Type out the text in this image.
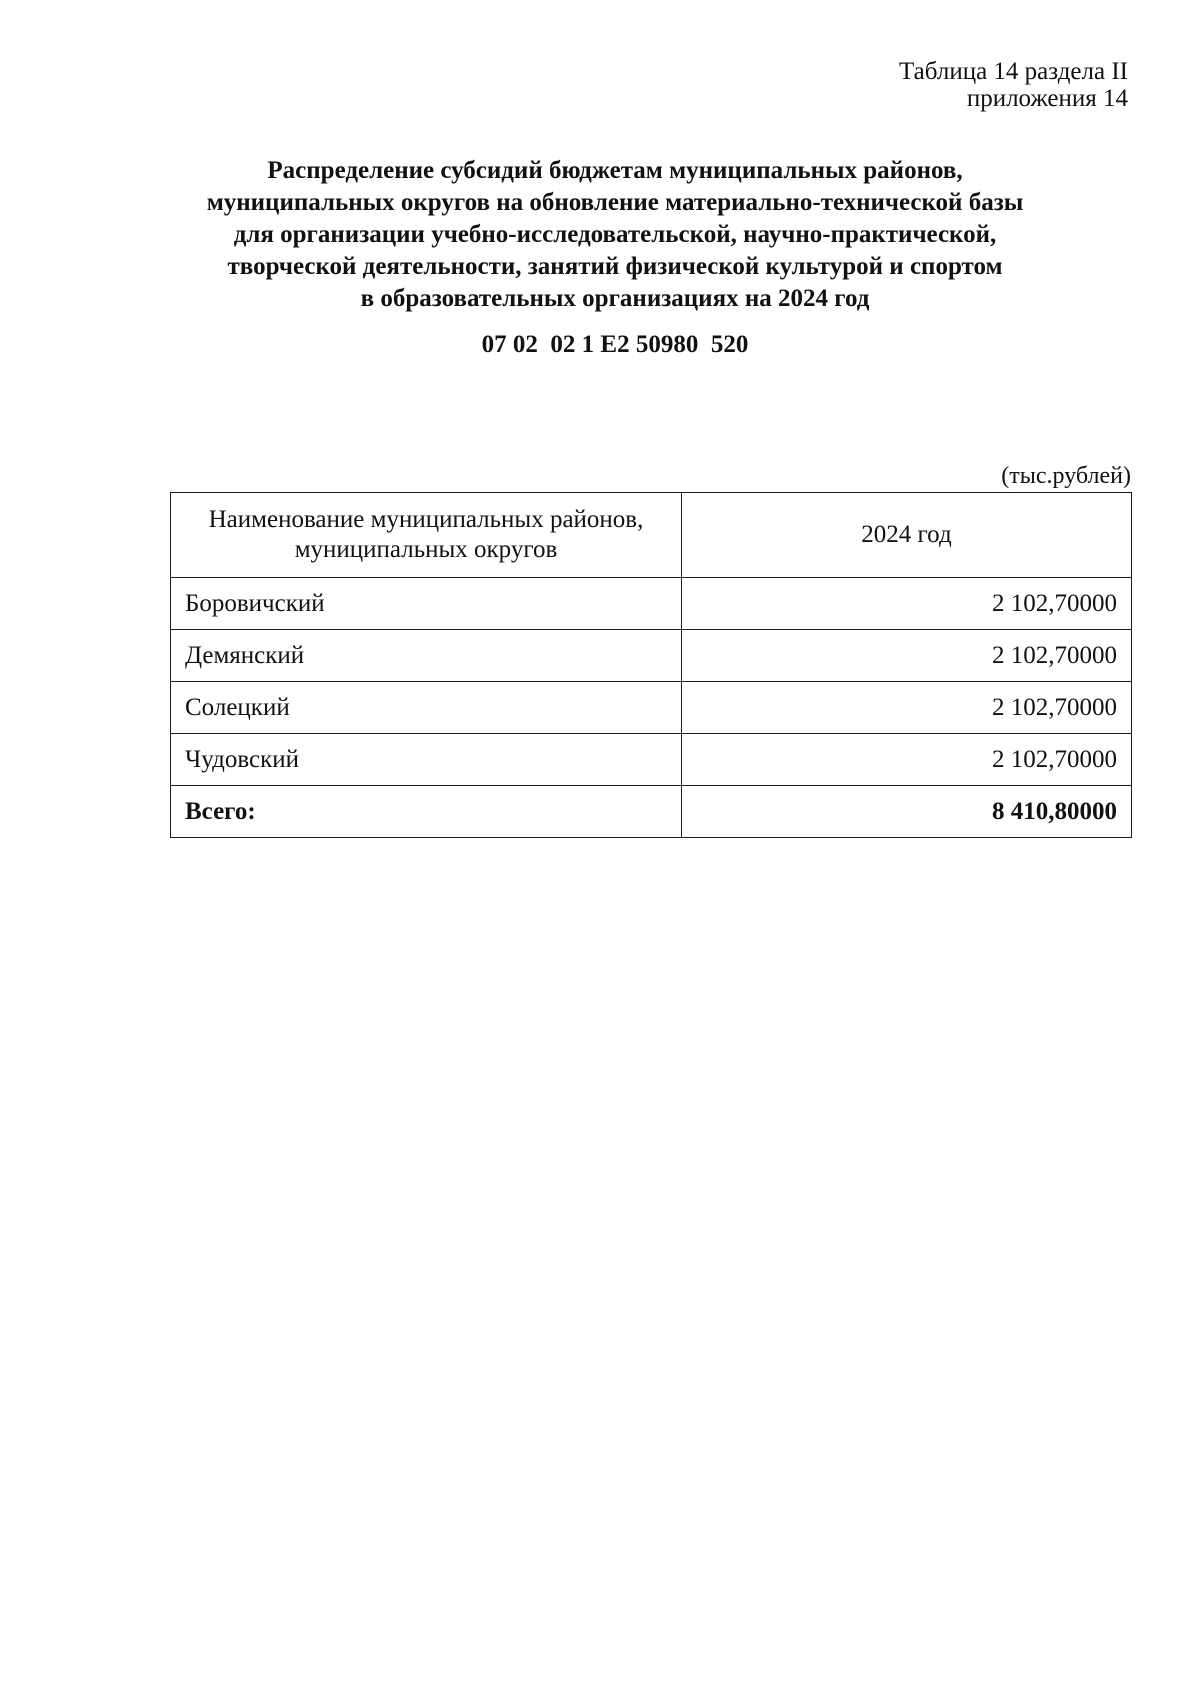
Таблица 14 раздела II
приложения 14
Распределение субсидий бюджетам муниципальных районов,
муниципальных округов на обновление материально-технической базы
для организации учебно-исследовательской, научно-практической,
творческой деятельности, занятий физической культурой и спортом
в образовательных организациях на 2024 год
07 02  02 1 E2 50980  520
(тыс.рублей)
Наименование муниципальных районов, муниципальных округов	2024 год
Боровичский	2 102,70000
Демянский	2 102,70000
Солецкий	2 102,70000
Чудовский	2 102,70000
Всего:	8 410,80000
